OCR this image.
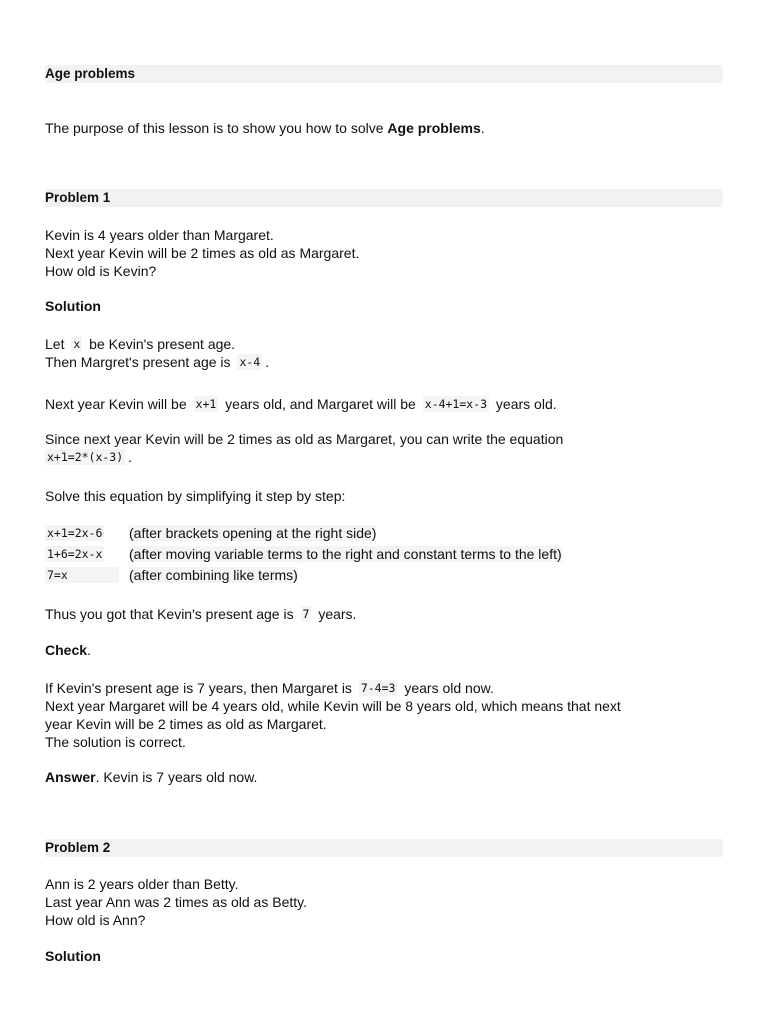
Age problems
The purpose of this lesson is to show you how to solve Age problems.
Problem 1
Kevin is 4 years older than Margaret.
Next year Kevin will be 2 times as old as Margaret.
How old is Kevin?
Solution
Let x be Kevin's present age.
Then Margret's present age is x-4 .
Next year Kevin will be x+1 years old, and Margaret will be x-4+1=x-3 years old.
Since next year Kevin will be 2 times as old as Margaret, you can write the equation
x+1=2*(x-3) .
Solve this equation by simplifying it step by step:
x+1=2x-6 (after brackets opening at the right side)
1+6=2x-x (after moving variable terms to the right and constant terms to the left)
7=x	(after combining like terms)
Thus you got that Kevin's present age is 7 years.
Check.
If Kevin's present age is 7 years, then Margaret is 7-4=3 years old now.
Next year Margaret will be 4 years old, while Kevin will be 8 years old, which means that next
year Kevin will be 2 times as old as Margaret.
The solution is correct.
Answer. Kevin is 7 years old now.
Problem 2
Ann is 2 years older than Betty.
Last year Ann was 2 times as old as Betty.
How old is Ann?
Solution
